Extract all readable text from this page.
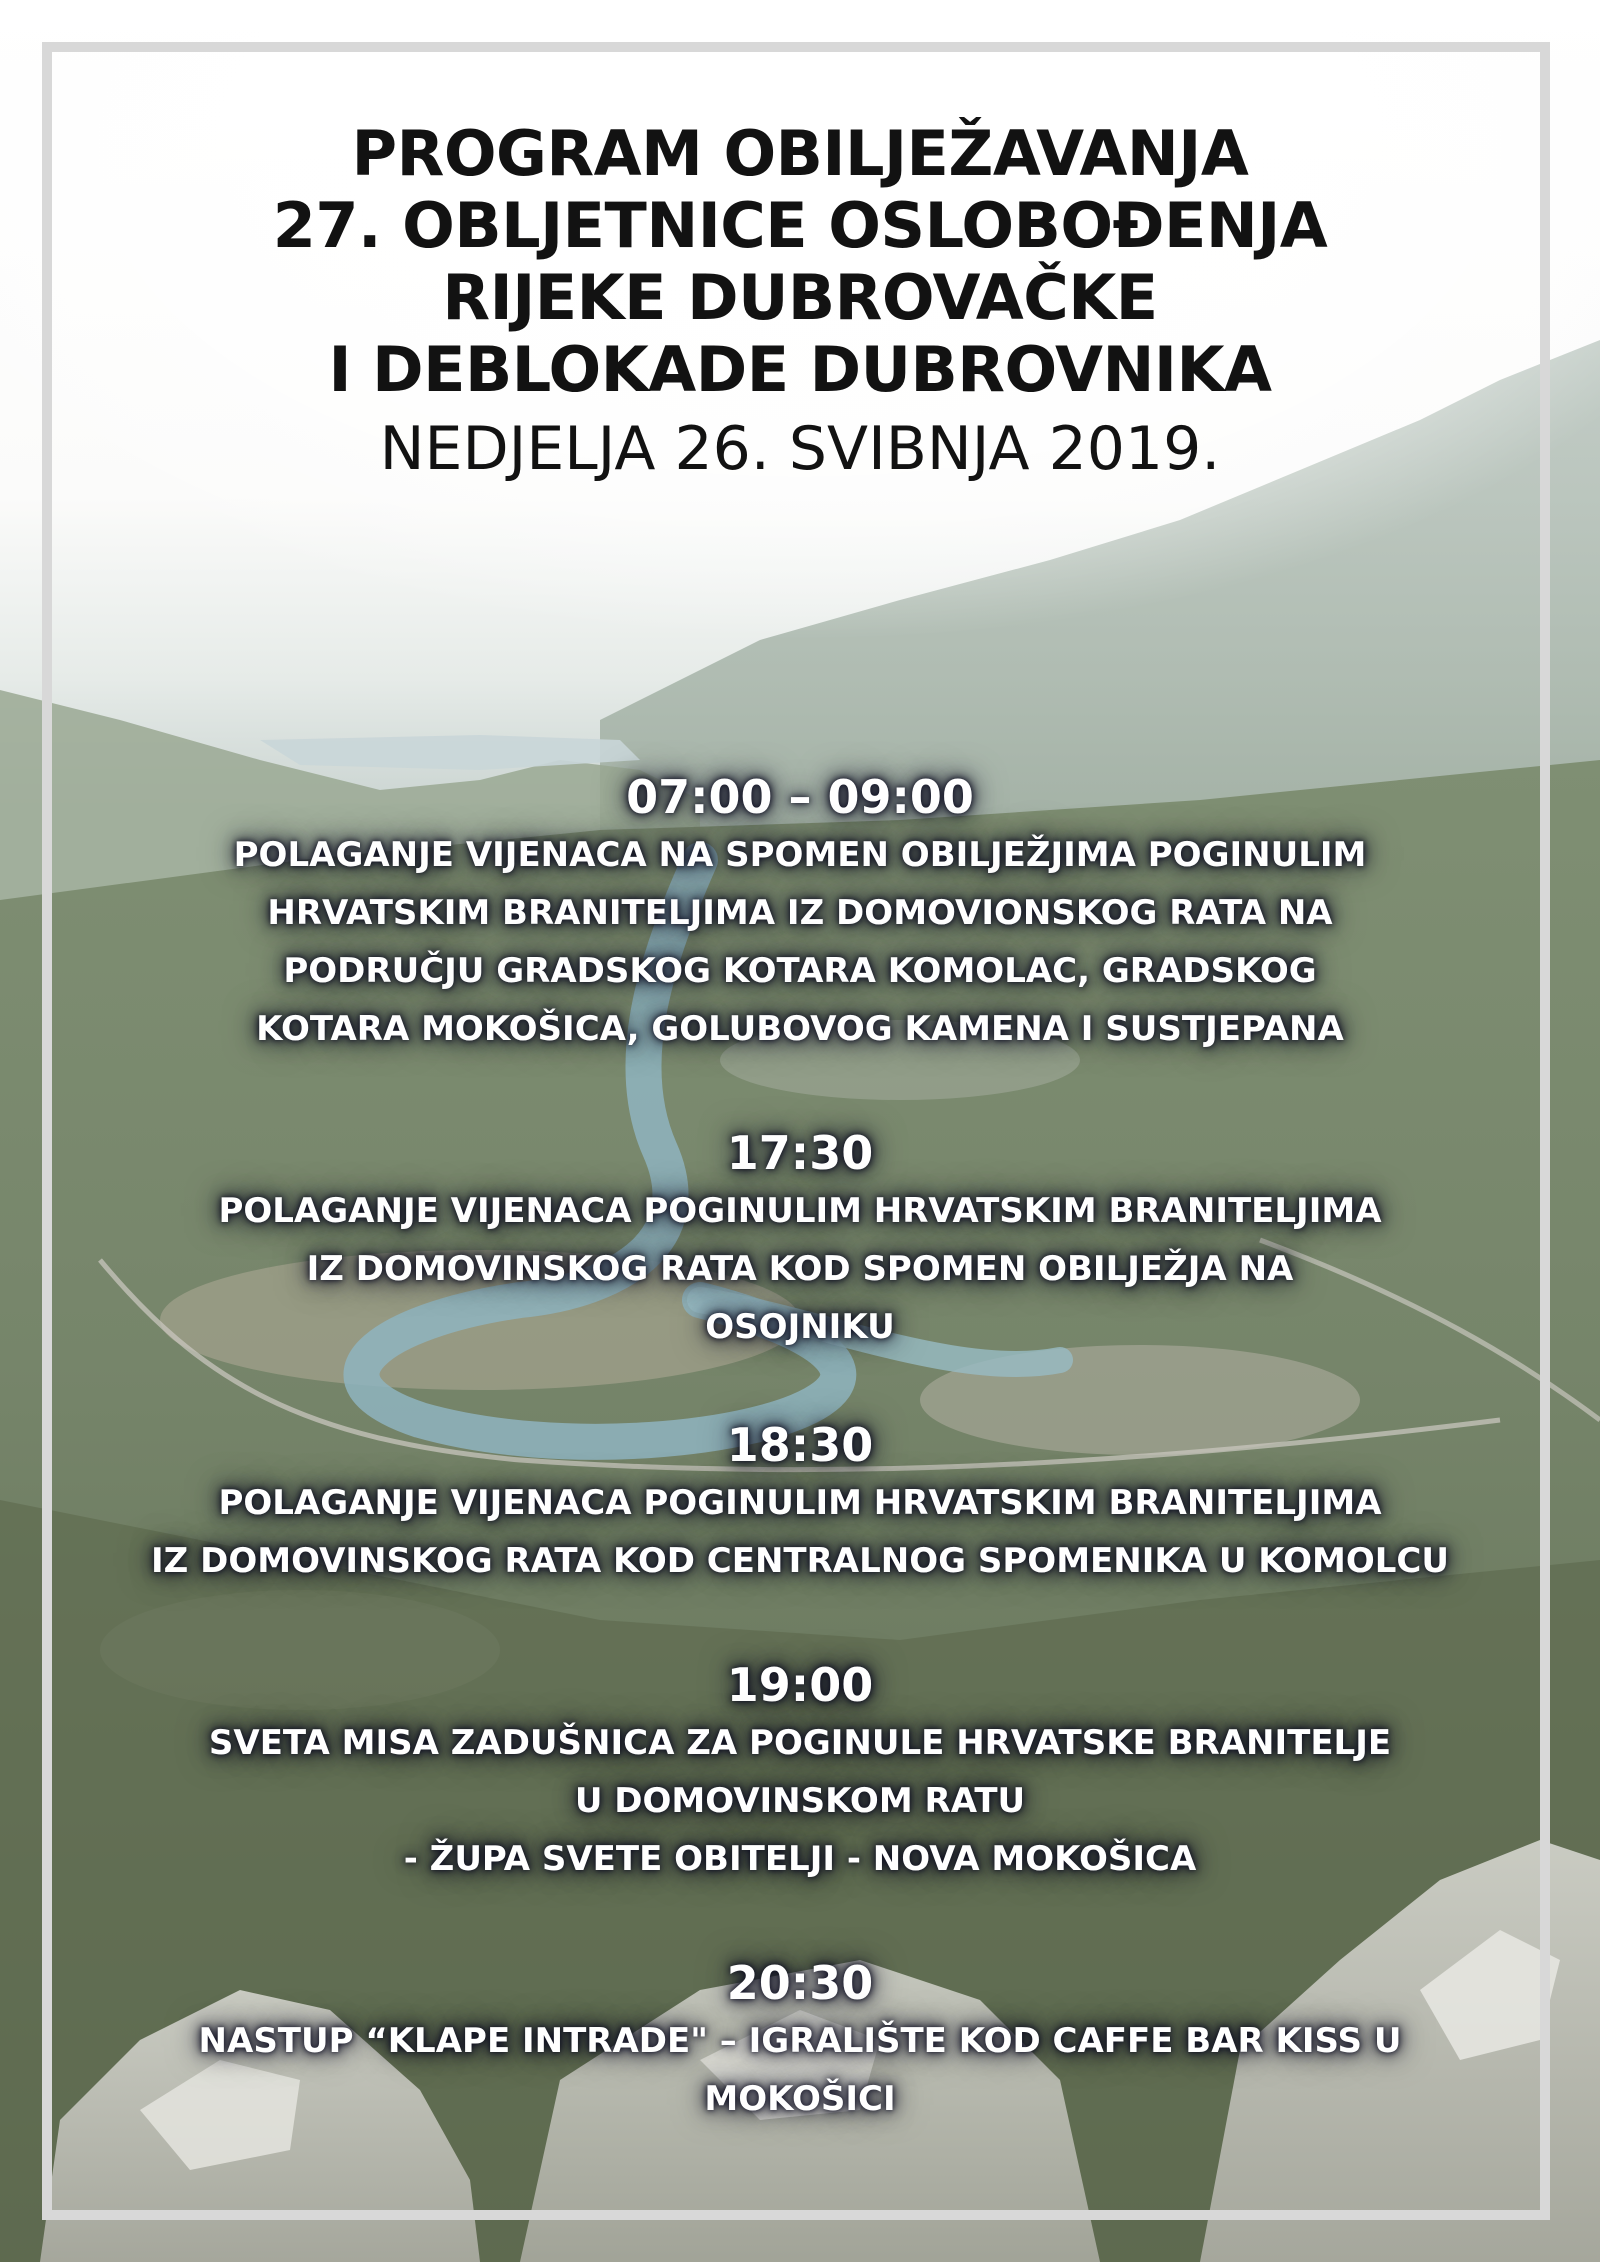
PROGRAM OBILJEŽAVANJA
27. OBLJETNICE OSLOBOĐENJA
RIJEKE DUBROVAČKE
I DEBLOKADE DUBROVNIKA
NEDJELJA 26. SVIBNJA 2019.
07:00 – 09:00
POLAGANJE VIJENACA NA SPOMEN OBILJEŽJIMA POGINULIM
HRVATSKIM BRANITELJIMA IZ DOMOVIONSKOG RATA NA
PODRUČJU GRADSKOG KOTARA KOMOLAC, GRADSKOG
KOTARA MOKOŠICA, GOLUBOVOG KAMENA I SUSTJEPANA
17:30
POLAGANJE VIJENACA POGINULIM HRVATSKIM BRANITELJIMA
IZ DOMOVINSKOG RATA KOD SPOMEN OBILJEŽJA NA
OSOJNIKU
18:30
POLAGANJE VIJENACA POGINULIM HRVATSKIM BRANITELJIMA
IZ DOMOVINSKOG RATA KOD CENTRALNOG SPOMENIKA U KOMOLCU
19:00
SVETA MISA ZADUŠNICA ZA POGINULE HRVATSKE BRANITELJE
U DOMOVINSKOM RATU
- ŽUPA SVETE OBITELJI - NOVA MOKOŠICA
20:30
NASTUP “KLAPE INTRADE" – IGRALIŠTE KOD CAFFE BAR KISS U
MOKOŠICI
